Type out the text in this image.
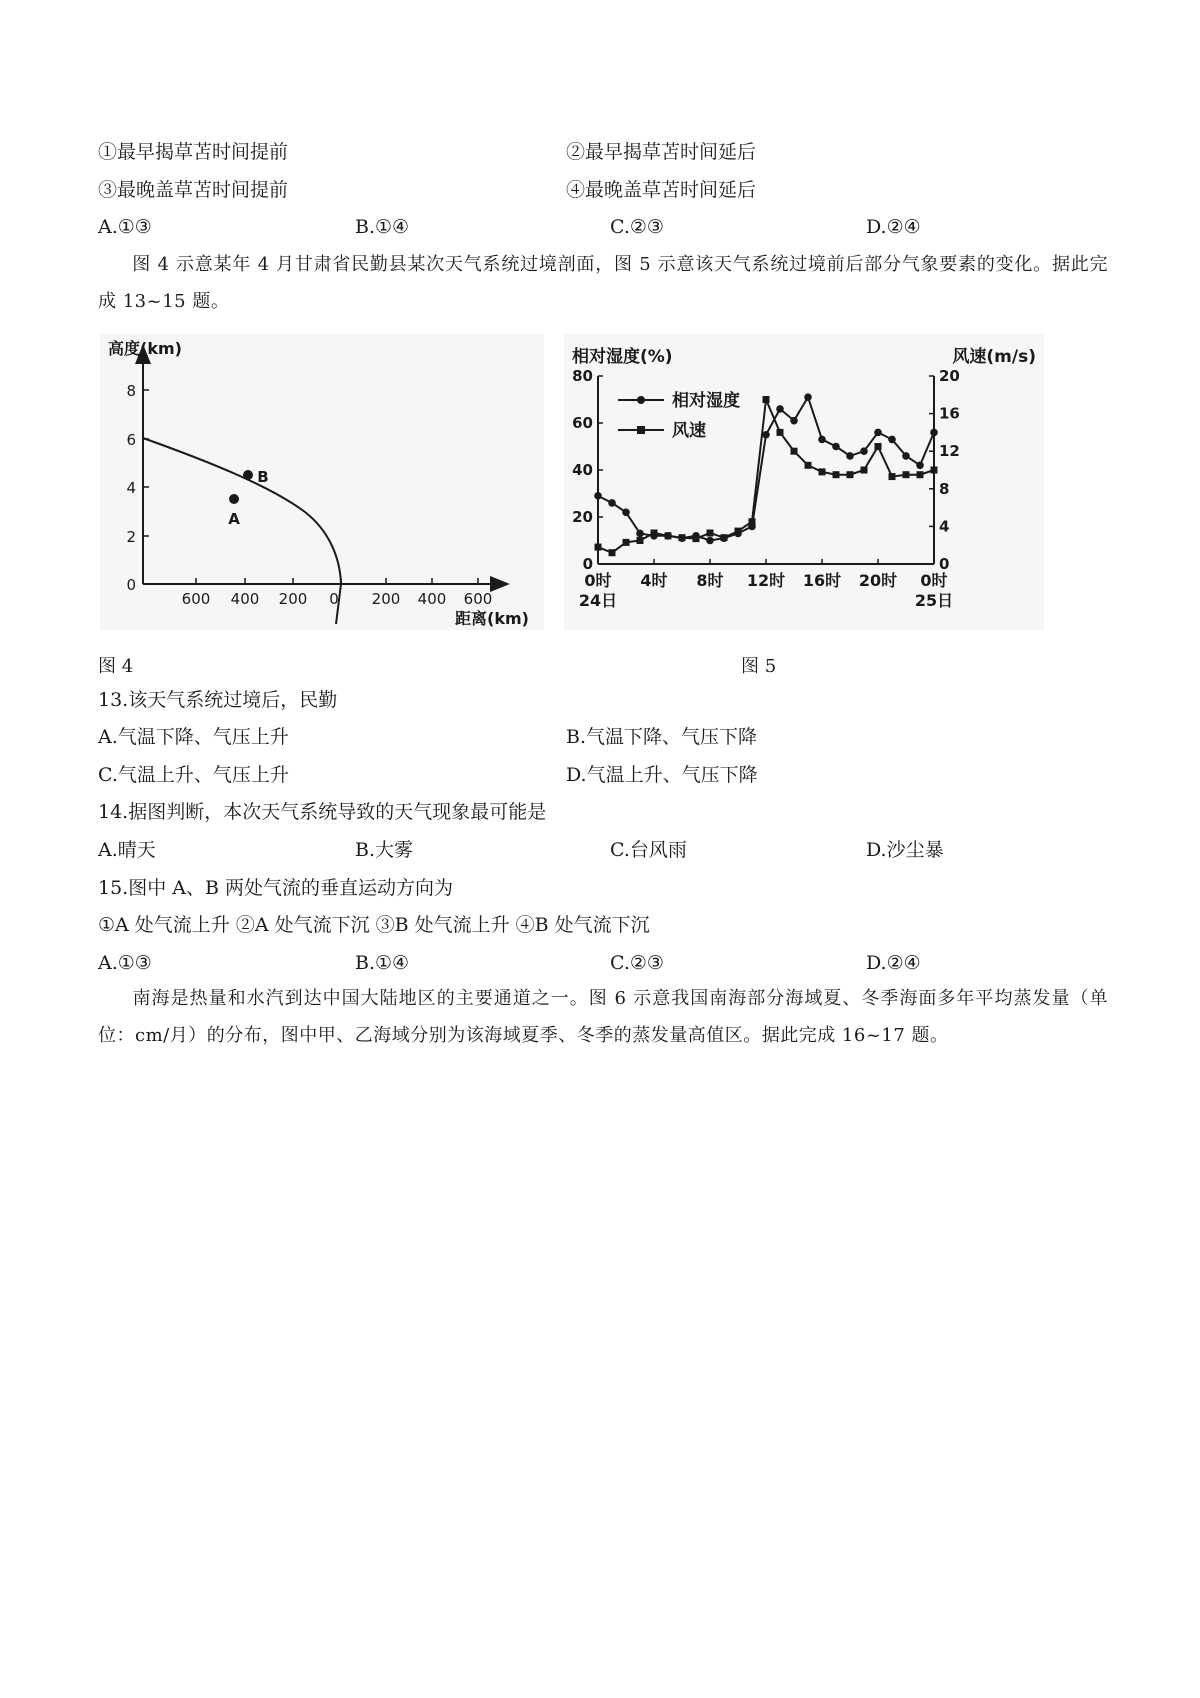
①最早揭草苫时间提前	②最早揭草苫时间延后
③最晚盖草苫时间提前	④最晚盖草苫时间延后
A.①③	B.①④	C.②③	D.②④
图 4 示意某年 4 月甘肃省民勤县某次天气系统过境剖面，图 5 示意该天气系统过境前后部分气象要素的变化。据此完成 13~15 题。
8
6
4
2
0
高度(km)
600 400 200 0 200 400 600
距离(km)
A
B
图 4
相对湿度(%)	风速(m/s)
80
60
40
20
0
20
16
12
8
4
0
0时 4时 8时 12时 16时 20时 0时
24日	25日
相对湿度
风速
图 5
13.该天气系统过境后，民勤
A.气温下降、气压上升	B.气温下降、气压下降
C.气温上升、气压上升	D.气温上升、气压下降
14.据图判断，本次天气系统导致的天气现象最可能是
A.晴天	B.大雾	C.台风雨	D.沙尘暴
15.图中 A、B 两处气流的垂直运动方向为
①A 处气流上升 ②A 处气流下沉 ③B 处气流上升 ④B 处气流下沉
A.①③	B.①④	C.②③	D.②④
南海是热量和水汽到达中国大陆地区的主要通道之一。图 6 示意我国南海部分海域夏、冬季海面多年平均蒸发量（单位：cm/月）的分布，图中甲、乙海域分别为该海域夏季、冬季的蒸发量高值区。据此完成 16~17 题。
